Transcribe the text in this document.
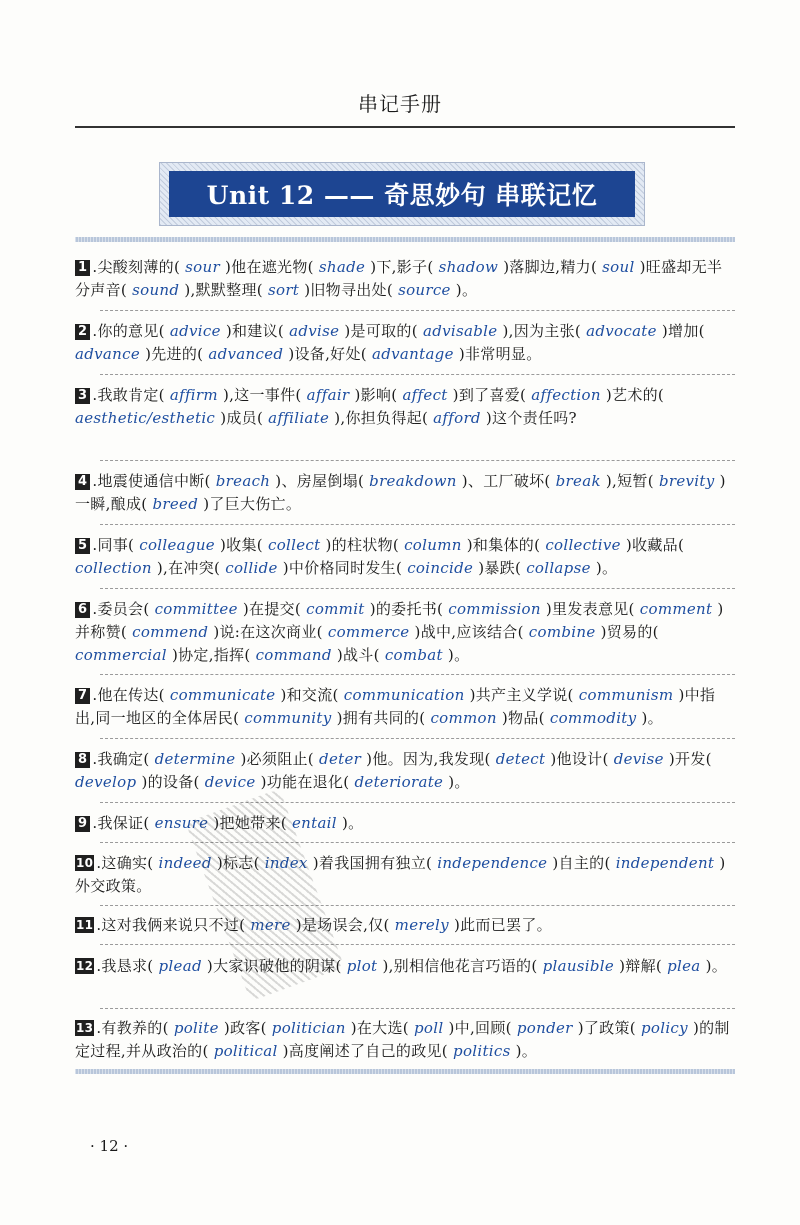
串记手册
Unit 12 —— 奇思妙句 串联记忆
1 .尖酸刻薄的( sour )他在遮光物( shade )下,影子( shadow )落脚边,精力( soul )旺盛却无半分声音( sound ),默默整理( sort )旧物寻出处( source )。
2 .你的意见( advice )和建议( advise )是可取的( advisable ),因为主张( advocate )增加( advance )先进的( advanced )设备,好处( advantage )非常明显。
3 .我敢肯定( affirm ),这一事件( affair )影响( affect )到了喜爱( affection )艺术的( aesthetic/esthetic )成员( affiliate ),你担负得起( afford )这个责任吗?
4 .地震使通信中断( breach )、房屋倒塌( breakdown )、工厂破坏( break ),短暂( brevity )一瞬,酿成( breed )了巨大伤亡。
5 .同事( colleague )收集( collect )的柱状物( column )和集体的( collective )收藏品( collection ),在冲突( collide )中价格同时发生( coincide )暴跌( collapse )。
6 .委员会( committee )在提交( commit )的委托书( commission )里发表意见( comment )并称赞( commend )说:在这次商业( commerce )战中,应该结合( combine )贸易的( commercial )协定,指挥( command )战斗( combat )。
7 .他在传达( communicate )和交流( communication )共产主义学说( communism )中指出,同一地区的全体居民( community )拥有共同的( common )物品( commodity )。
8 .我确定( determine )必须阻止( deter )他。因为,我发现( detect )他设计( devise )开发( develop )的设备( device )功能在退化( deteriorate )。
9 .我保证( ensure )把她带来( entail )。
10 .这确实( indeed )标志( index )着我国拥有独立( independence )自主的( independent )外交政策。
11 .这对我俩来说只不过( mere )是场误会,仅( merely )此而已罢了。
12 .我恳求( plead )大家识破他的阴谋( plot ),别相信他花言巧语的( plausible )辩解( plea )。
13 .有教养的( polite )政客( politician )在大选( poll )中,回顾( ponder )了政策( policy )的制定过程,并从政治的( political )高度阐述了自己的政见( politics )。
· 12 ·
